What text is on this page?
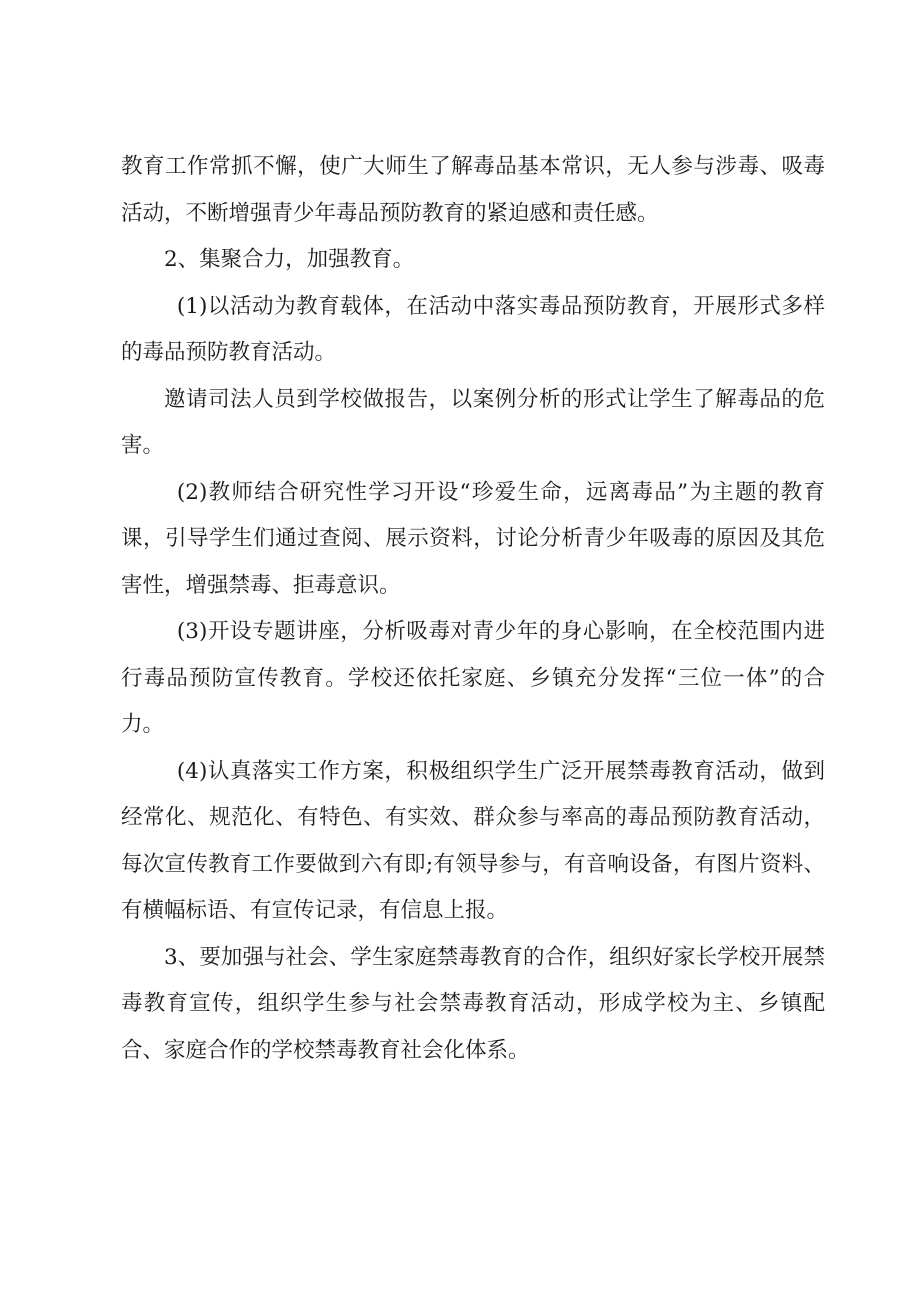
教育工作常抓不懈，使广大师生了解毒品基本常识，无人参与涉毒、吸毒活动，不断增强青少年毒品预防教育的紧迫感和责任感。

2、集聚合力，加强教育。

(1)以活动为教育载体，在活动中落实毒品预防教育，开展形式多样的毒品预防教育活动。

邀请司法人员到学校做报告，以案例分析的形式让学生了解毒品的危害。

(2)教师结合研究性学习开设“珍爱生命，远离毒品”为主题的教育课，引导学生们通过查阅、展示资料，讨论分析青少年吸毒的原因及其危害性，增强禁毒、拒毒意识。

(3)开设专题讲座，分析吸毒对青少年的身心影响，在全校范围内进行毒品预防宣传教育。学校还依托家庭、乡镇充分发挥“三位一体”的合力。

(4)认真落实工作方案，积极组织学生广泛开展禁毒教育活动，做到经常化、规范化、有特色、有实效、群众参与率高的毒品预防教育活动，每次宣传教育工作要做到六有即;有领导参与，有音响设备，有图片资料、有横幅标语、有宣传记录，有信息上报。

3、要加强与社会、学生家庭禁毒教育的合作，组织好家长学校开展禁毒教育宣传，组织学生参与社会禁毒教育活动，形成学校为主、乡镇配合、家庭合作的学校禁毒教育社会化体系。
